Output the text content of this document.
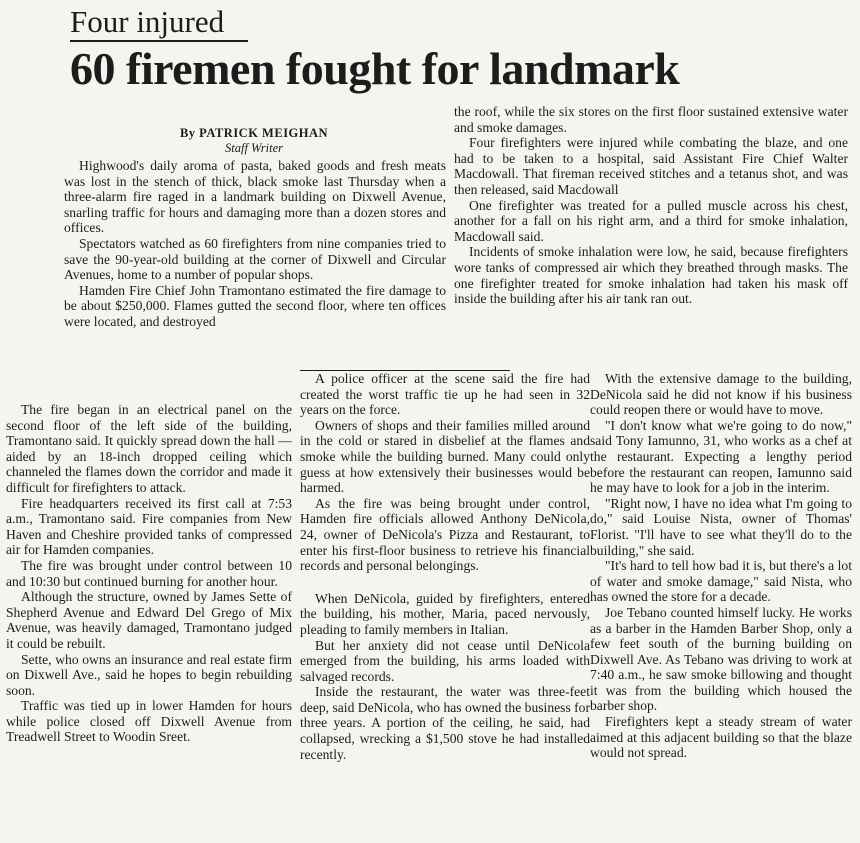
Four injured
60 firemen fought for landmark
By PATRICK MEIGHAN
Staff Writer

Highwood's daily aroma of pasta, baked goods and fresh meats was lost in the stench of thick, black smoke last Thursday when a three-alarm fire raged in a landmark building on Dixwell Avenue, snarling traffic for hours and damaging more than a dozen stores and offices.

Spectators watched as 60 firefighters from nine companies tried to save the 90-year-old building at the corner of Dixwell and Circular Avenues, home to a number of popular shops.

Hamden Fire Chief John Tramontano estimated the fire damage to be about $250,000. Flames gutted the second floor, where ten offices were located, and destroyed

the roof, while the six stores on the first floor sustained extensive water and smoke damages.

Four firefighters were injured while combating the blaze, and one had to be taken to a hospital, said Assistant Fire Chief Walter Macdowall. That fireman received stitches and a tetanus shot, and was then released, said Macdowall

One firefighter was treated for a pulled muscle across his chest, another for a fall on his right arm, and a third for smoke inhalation, Macdowall said.

Incidents of smoke inhalation were low, he said, because firefighters wore tanks of compressed air which they breathed through masks. The one firefighter treated for smoke inhalation had taken his mask off inside the building after his air tank ran out.

The fire began in an electrical panel on the second floor of the left side of the building, Tramontano said. It quickly spread down the hall — aided by an 18-inch dropped ceiling which channeled the flames down the corridor and made it difficult for firefighters to attack.

Fire headquarters received its first call at 7:53 a.m., Tramontano said. Fire companies from New Haven and Cheshire provided tanks of compressed air for Hamden companies.

The fire was brought under control between 10 and 10:30 but continued burning for another hour.

Although the structure, owned by James Sette of Shepherd Avenue and Edward Del Grego of Mix Avenue, was heavily damaged, Tramontano judged it could be rebuilt.

Sette, who owns an insurance and real estate firm on Dixwell Ave., said he hopes to begin rebuilding soon.

Traffic was tied up in lower Hamden for hours while police closed off Dixwell Avenue from Treadwell Street to Woodin Sreet.

A police officer at the scene said the fire had created the worst traffic tie up he had seen in 32 years on the force.

Owners of shops and their families milled around in the cold or stared in disbelief at the flames and smoke while the building burned. Many could only guess at how extensively their businesses would be harmed.

As the fire was being brought under control, Hamden fire officials allowed Anthony DeNicola, 24, owner of DeNicola's Pizza and Restaurant, to enter his first-floor business to retrieve his financial records and personal belongings.

When DeNicola, guided by firefighters, entered the building, his mother, Maria, paced nervously, pleading to family members in Italian.

But her anxiety did not cease until DeNicola emerged from the building, his arms loaded with salvaged records.

Inside the restaurant, the water was three-feet deep, said DeNicola, who has owned the business for three years. A portion of the ceiling, he said, had collapsed, wrecking a $1,500 stove he had installed recently.

With the extensive damage to the building, DeNicola said he did not know if his business could reopen there or would have to move.

"I don't know what we're going to do now," said Tony Iamunno, 31, who works as a chef at the restaurant. Expecting a lengthy period before the restaurant can reopen, Iamunno said he may have to look for a job in the interim.

"Right now, I have no idea what I'm going to do," said Louise Nista, owner of Thomas' Florist. "I'll have to see what they'll do to the building," she said.

"It's hard to tell how bad it is, but there's a lot of water and smoke damage," said Nista, who has owned the store for a decade.

Joe Tebano counted himself lucky. He works as a barber in the Hamden Barber Shop, only a few feet south of the burning building on Dixwell Ave. As Tebano was driving to work at 7:40 a.m., he saw smoke billowing and thought it was from the building which housed the barber shop.

Firefighters kept a steady stream of water aimed at this adjacent building so that the blaze would not spread.
